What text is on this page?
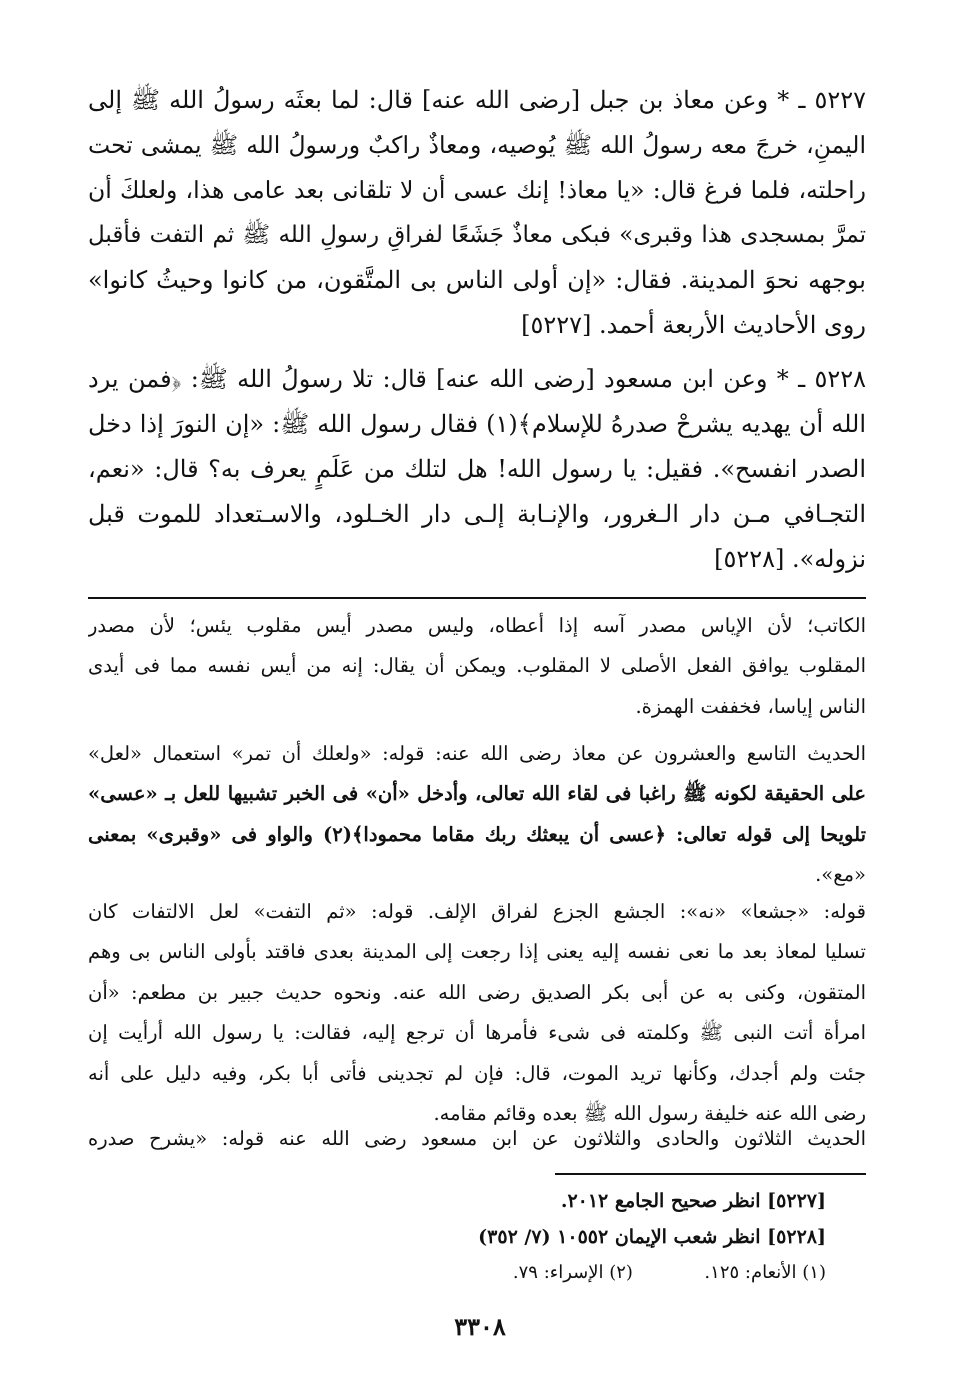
٥٢٢٧ ـ * وعن معاذ بن جبل [رضى الله عنه] قال: لما بعثَه رسولُ الله ﷺ إلى
اليمنِ، خرجَ معه رسولُ الله ﷺ يُوصيه، ومعاذٌ راكبٌ ورسولُ الله ﷺ يمشى تحت
راحلته، فلما فرغ قال: «يا معاذ! إنك عسى أن لا تلقانى بعد عامى هذا، ولعلكَ أن
تمرَّ بمسجدى هذا وقبرى» فبكى معاذٌ جَشَعًا لفراقِ رسولِ الله ﷺ ثم التفت فأقبل
بوجهه نحوَ المدينة. فقال: «إن أولى الناس بى المتَّقون، من كانوا وحيثُ كانوا»
روى الأحاديث الأربعة أحمد. [٥٢٢٧]
٥٢٢٨ ـ * وعن ابن مسعود [رضى الله عنه] قال: تلا رسولُ الله ﷺ: ﴿فمن يرد
الله أن يهديه يشرحْ صدرهُ للإسلام﴾(١) فقال رسول الله ﷺ: «إن النورَ إذا دخل
الصدر انفسح». فقيل: يا رسول الله! هل لتلك من عَلَمٍ يعرف به؟ قال: «نعم،
التجـافي مـن دار الـغرور، والإنـابة إلـى دار الخـلود، والاسـتعداد للموت قبل
نزوله». [٥٢٢٨]
الكاتب؛ لأن الإياس مصدر آسه إذا أعطاه، وليس مصدر أيس مقلوب يئس؛ لأن مصدر
المقلوب يوافق الفعل الأصلى لا المقلوب. ويمكن أن يقال: إنه من أيس نفسه مما فى أيدى
الناس إياسا، فخففت الهمزة.
الحديث التاسع والعشرون عن معاذ رضى الله عنه: قوله: «ولعلك أن تمر» استعمال «لعل»
على الحقيقة لكونه ﷺ راغبا فى لقاء الله تعالى، وأدخل «أن» فى الخبر تشبيها للعل بـ «عسى»
تلويحا إلى قوله تعالى: ﴿عسى أن يبعثك ربك مقاما محمودا﴾(٢) والواو فى «وقبرى» بمعنى
«مع».
قوله: «جشعا» «نه»: الجشع الجزع لفراق الإلف. قوله: «ثم التفت» لعل الالتفات كان
تسليا لمعاذ بعد ما نعى نفسه إليه يعنى إذا رجعت إلى المدينة بعدى فاقتد بأولى الناس بى وهم
المتقون، وكنى به عن أبى بكر الصديق رضى الله عنه. ونحوه حديث جبير بن مطعم: «أن
امرأة أتت النبى ﷺ وكلمته فى شىء فأمرها أن ترجع إليه، فقالت: يا رسول الله أرأيت إن
جئت ولم أجدك، وكأنها تريد الموت، قال: فإن لم تجدينى فأتى أبا بكر، وفيه دليل على أنه
رضى الله عنه خليفة رسول الله ﷺ بعده وقائم مقامه.
الحديث الثلاثون والحادى والثلاثون عن ابن مسعود رضى الله عنه قوله: «يشرح صدره
[٥٢٢٧] انظر صحيح الجامع ٢٠١٢.
[٥٢٢٨] انظر شعب الإيمان ١٠٥٥٢ (٧/ ٣٥٢)
(١) الأنعام: ١٢٥.  (٢) الإسراء: ٧٩.
٣٣٠٨
